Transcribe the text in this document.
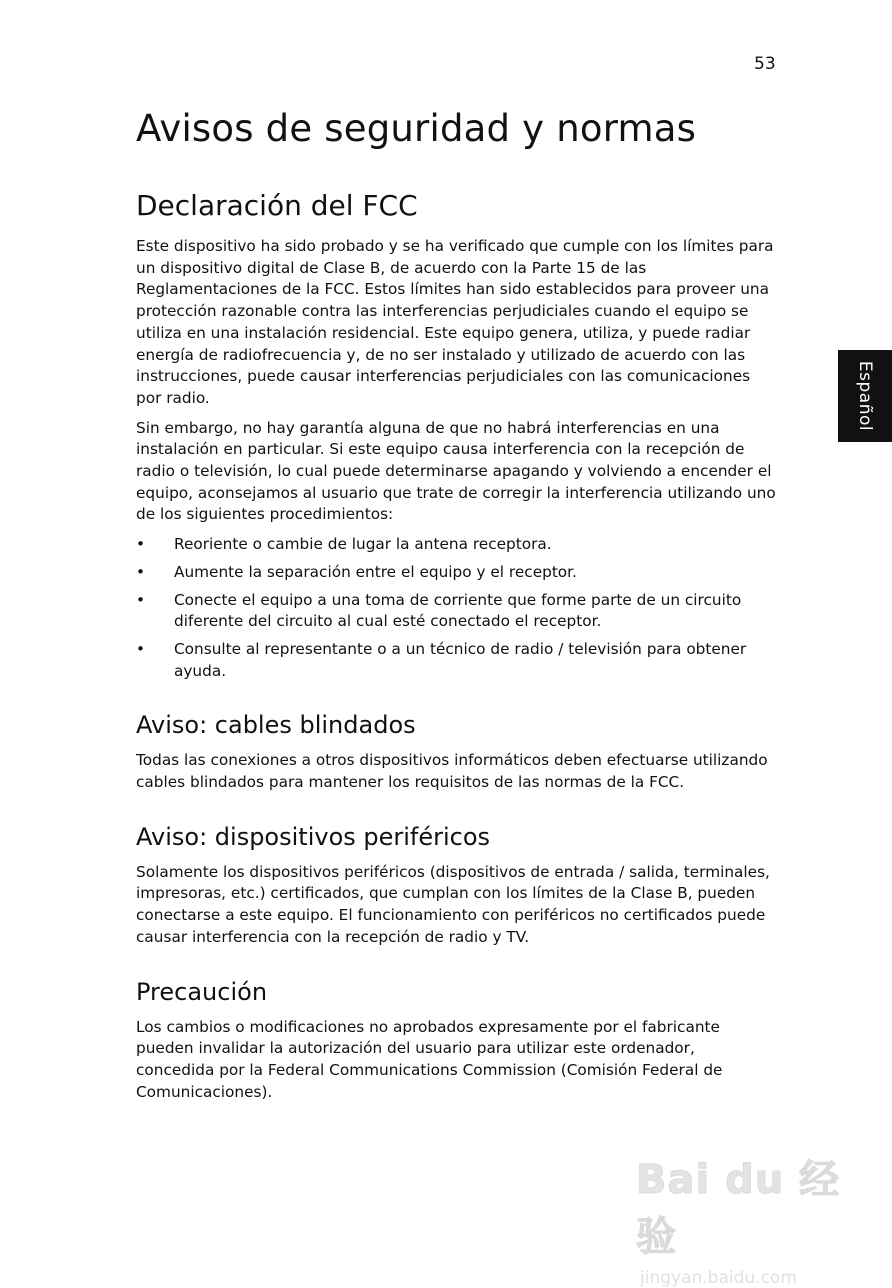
53
Español
Avisos de seguridad y normas
Declaración del FCC

Este dispositivo ha sido probado y se ha verificado que cumple con los límites para un dispositivo digital de Clase B, de acuerdo con la Parte 15 de las Reglamentaciones de la FCC. Estos límites han sido establecidos para proveer una protección razonable contra las interferencias perjudiciales cuando el equipo se utiliza en una instalación residencial. Este equipo genera, utiliza, y puede radiar energía de radiofrecuencia y, de no ser instalado y utilizado de acuerdo con las instrucciones, puede causar interferencias perjudiciales con las comunicaciones por radio.

Sin embargo, no hay garantía alguna de que no habrá interferencias en una instalación en particular. Si este equipo causa interferencia con la recepción de radio o televisión, lo cual puede determinarse apagando y volviendo a encender el equipo, aconsejamos al usuario que trate de corregir la interferencia utilizando uno de los siguientes procedimientos:

• Reoriente o cambie de lugar la antena receptora.
• Aumente la separación entre el equipo y el receptor.
• Conecte el equipo a una toma de corriente que forme parte de un circuito diferente del circuito al cual esté conectado el receptor.
• Consulte al representante o a un técnico de radio / televisión para obtener ayuda.
Aviso: cables blindados

Todas las conexiones a otros dispositivos informáticos deben efectuarse utilizando cables blindados para mantener los requisitos de las normas de la FCC.

Aviso: dispositivos periféricos

Solamente los dispositivos periféricos (dispositivos de entrada / salida, terminales, impresoras, etc.) certificados, que cumplan con los límites de la Clase B, pueden conectarse a este equipo. El funcionamiento con periféricos no certificados puede causar interferencia con la recepción de radio y TV.

Precaución

Los cambios o modificaciones no aprobados expresamente por el fabricante pueden invalidar la autorización del usuario para utilizar este ordenador, concedida por la Federal Communications Commission (Comisión Federal de Comunicaciones).

Bai du 经验
jingyan.baidu.com
